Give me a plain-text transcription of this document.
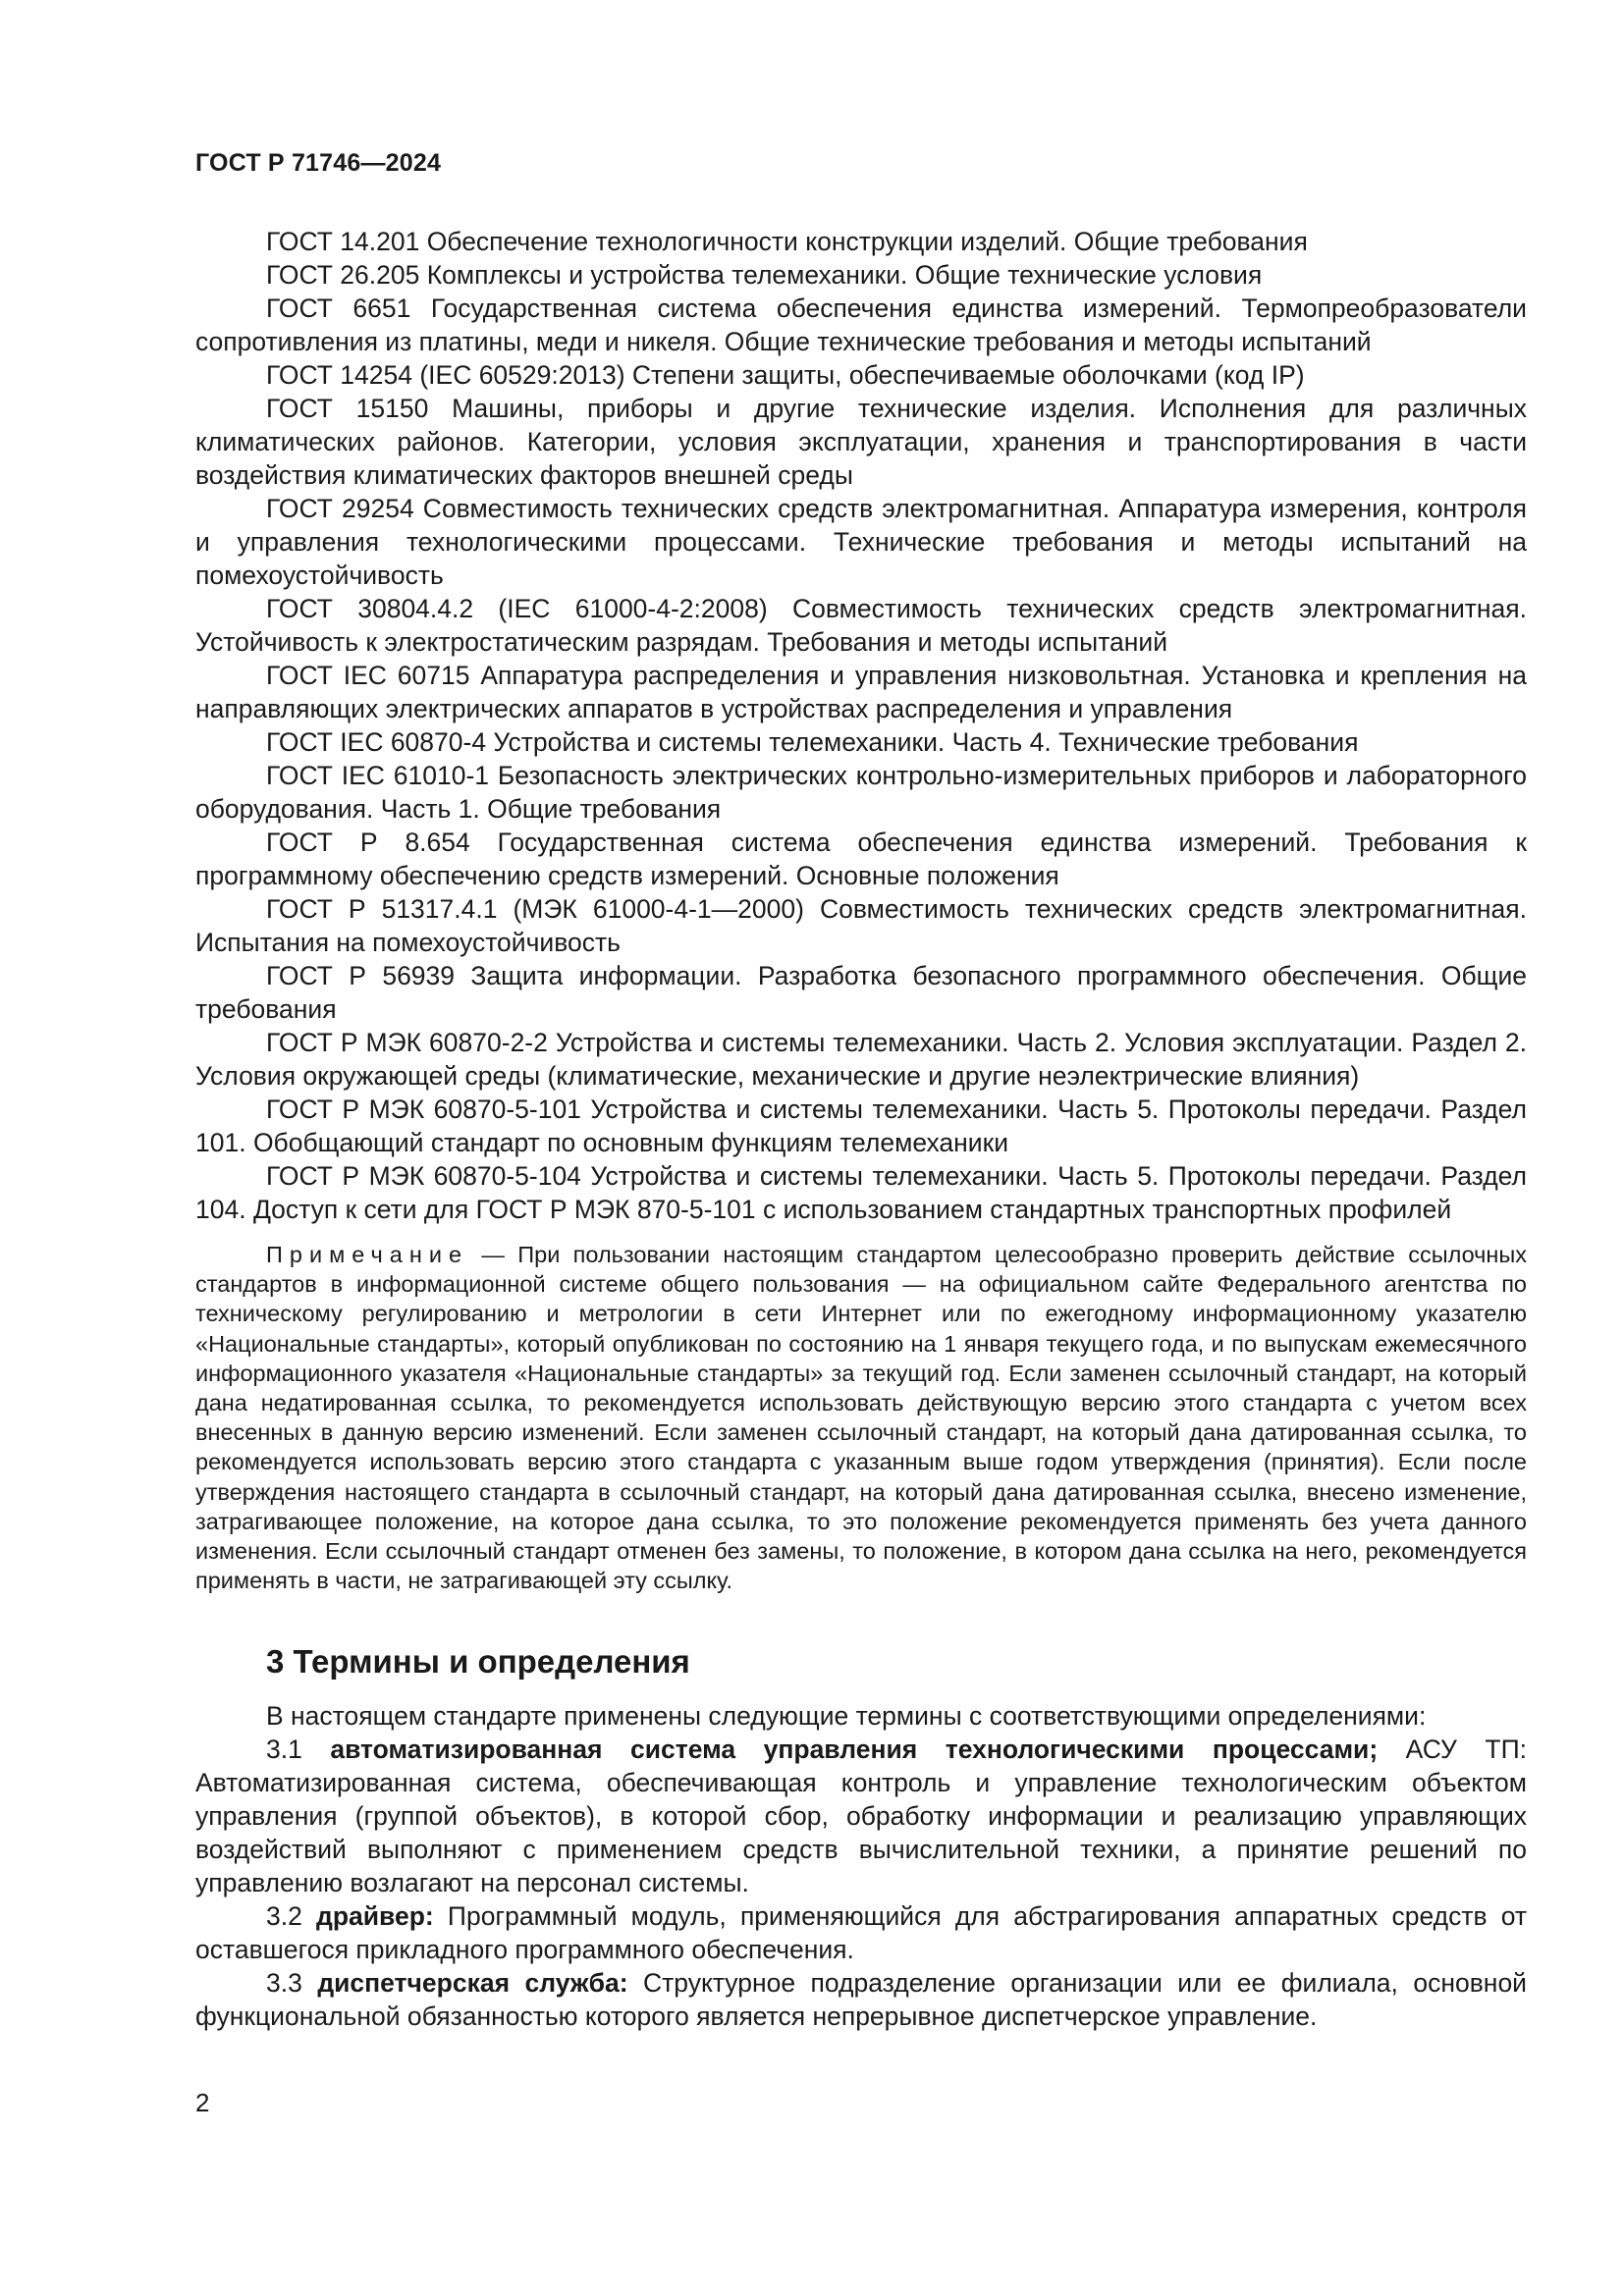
ГОСТ Р 71746—2024

ГОСТ 14.201 Обеспечение технологичности конструкции изделий. Общие требования

ГОСТ 26.205 Комплексы и устройства телемеханики. Общие технические условия

ГОСТ 6651 Государственная система обеспечения единства измерений. Термопреобразователи сопротивления из платины, меди и никеля. Общие технические требования и методы испытаний

ГОСТ 14254 (IEC 60529:2013) Степени защиты, обеспечиваемые оболочками (код IP)

ГОСТ 15150 Машины, приборы и другие технические изделия. Исполнения для различных климатических районов. Категории, условия эксплуатации, хранения и транспортирования в части воздействия климатических факторов внешней среды

ГОСТ 29254 Совместимость технических средств электромагнитная. Аппаратура измерения, контроля и управления технологическими процессами. Технические требования и методы испытаний на помехоустойчивость

ГОСТ 30804.4.2 (IEC 61000-4-2:2008) Совместимость технических средств электромагнитная. Устойчивость к электростатическим разрядам. Требования и методы испытаний

ГОСТ IEC 60715 Аппаратура распределения и управления низковольтная. Установка и крепления на направляющих электрических аппаратов в устройствах распределения и управления

ГОСТ IEC 60870-4 Устройства и системы телемеханики. Часть 4. Технические требования

ГОСТ IEC 61010-1 Безопасность электрических контрольно-измерительных приборов и лабораторного оборудования. Часть 1. Общие требования

ГОСТ Р 8.654 Государственная система обеспечения единства измерений. Требования к программному обеспечению средств измерений. Основные положения

ГОСТ Р 51317.4.1 (МЭК 61000-4-1—2000) Совместимость технических средств электромагнитная. Испытания на помехоустойчивость

ГОСТ Р 56939 Защита информации. Разработка безопасного программного обеспечения. Общие требования

ГОСТ Р МЭК 60870-2-2 Устройства и системы телемеханики. Часть 2. Условия эксплуатации. Раздел 2. Условия окружающей среды (климатические, механические и другие неэлектрические влияния)

ГОСТ Р МЭК 60870-5-101 Устройства и системы телемеханики. Часть 5. Протоколы передачи. Раздел 101. Обобщающий стандарт по основным функциям телемеханики

ГОСТ Р МЭК 60870-5-104 Устройства и системы телемеханики. Часть 5. Протоколы передачи. Раздел 104. Доступ к сети для ГОСТ Р МЭК 870-5-101 с использованием стандартных транспортных профилей

Примечание — При пользовании настоящим стандартом целесообразно проверить действие ссылочных стандартов в информационной системе общего пользования — на официальном сайте Федерального агентства по техническому регулированию и метрологии в сети Интернет или по ежегодному информационному указателю «Национальные стандарты», который опубликован по состоянию на 1 января текущего года, и по выпускам ежемесячного информационного указателя «Национальные стандарты» за текущий год. Если заменен ссылочный стандарт, на который дана недатированная ссылка, то рекомендуется использовать действующую версию этого стандарта с учетом всех внесенных в данную версию изменений. Если заменен ссылочный стандарт, на который дана датированная ссылка, то рекомендуется использовать версию этого стандарта с указанным выше годом утверждения (принятия). Если после утверждения настоящего стандарта в ссылочный стандарт, на который дана датированная ссылка, внесено изменение, затрагивающее положение, на которое дана ссылка, то это положение рекомендуется применять без учета данного изменения. Если ссылочный стандарт отменен без замены, то положение, в котором дана ссылка на него, рекомендуется применять в части, не затрагивающей эту ссылку.

3 Термины и определения

В настоящем стандарте применены следующие термины с соответствующими определениями:

3.1 автоматизированная система управления технологическими процессами; АСУ ТП: Автоматизированная система, обеспечивающая контроль и управление технологическим объектом управления (группой объектов), в которой сбор, обработку информации и реализацию управляющих воздействий выполняют с применением средств вычислительной техники, а принятие решений по управлению возлагают на персонал системы.

3.2 драйвер: Программный модуль, применяющийся для абстрагирования аппаратных средств от оставшегося прикладного программного обеспечения.

3.3 диспетчерская служба: Структурное подразделение организации или ее филиала, основной функциональной обязанностью которого является непрерывное диспетчерское управление.

2
